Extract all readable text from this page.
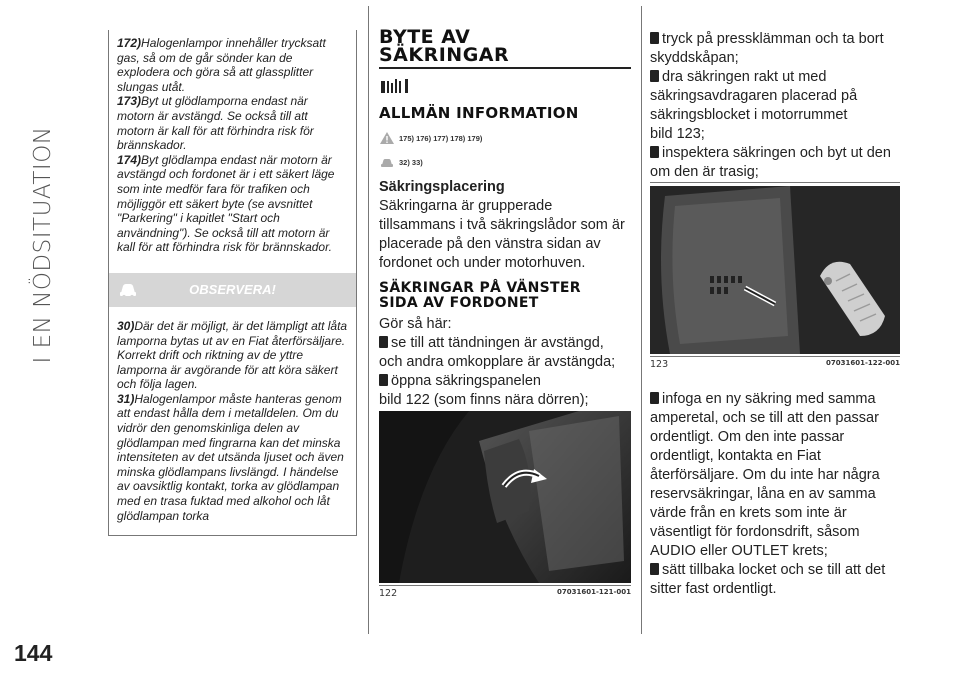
I EN NÖDSITUATION
144
172)Halogenlampor innehåller trycksatt gas, så om de går sönder kan de explodera och göra så att glassplitter slungas utåt.
173)Byt ut glödlamporna endast när motorn är avstängd. Se också till att motorn är kall för att förhindra risk för brännskador.
174)Byt glödlampa endast när motorn är avstängd och fordonet är i ett säkert läge som inte medför fara för trafiken och möjliggör ett säkert byte (se avsnittet "Parkering" i kapitlet "Start och användning"). Se också till att motorn är kall för att förhindra risk för brännskador.
OBSERVERA!
30)Där det är möjligt, är det lämpligt att låta lamporna bytas ut av en Fiat återförsäljare. Korrekt drift och riktning av de yttre lamporna är avgörande för att köra säkert och följa lagen.
31)Halogenlampor måste hanteras genom att endast hålla dem i metalldelen. Om du vidrör den genomskinliga delen av glödlampan med fingrarna kan det minska intensiteten av det utsända ljuset och även minska glödlampans livslängd. I händelse av oavsiktlig kontakt, torka av glödlampan med en trasa fuktad med alkohol och låt glödlampan torka
BYTE AV
SÄKRINGAR
ALLMÄN INFORMATION
175) 176) 177) 178) 179)
32) 33)
Säkringsplacering
Säkringarna är grupperade tillsammans i två säkringslådor som är placerade på den vänstra sidan av fordonet och under motorhuven.
SÄKRINGAR PÅ VÄNSTER
SIDA AV FORDONET
Gör så här:
se till att tändningen är avstängd, och andra omkopplare är avstängda;
öppna säkringspanelen
bild 122 (som finns nära dörren);
122	07031601-121-001
tryck på pressklämman och ta bort skyddskåpan;
dra säkringen rakt ut med säkringsavdragaren placerad på säkringsblocket i motorrummet
bild 123;
inspektera säkringen och byt ut den om den är trasig;
123	07031601-122-001
infoga en ny säkring med samma amperetal, och se till att den passar ordentligt. Om den inte passar ordentligt, kontakta en Fiat återförsäljare. Om du inte har några reservsäkringar, låna en av samma värde från en krets som inte är väsentligt för fordonsdrift, såsom AUDIO eller OUTLET krets;
sätt tillbaka locket och se till att det sitter fast ordentligt.
